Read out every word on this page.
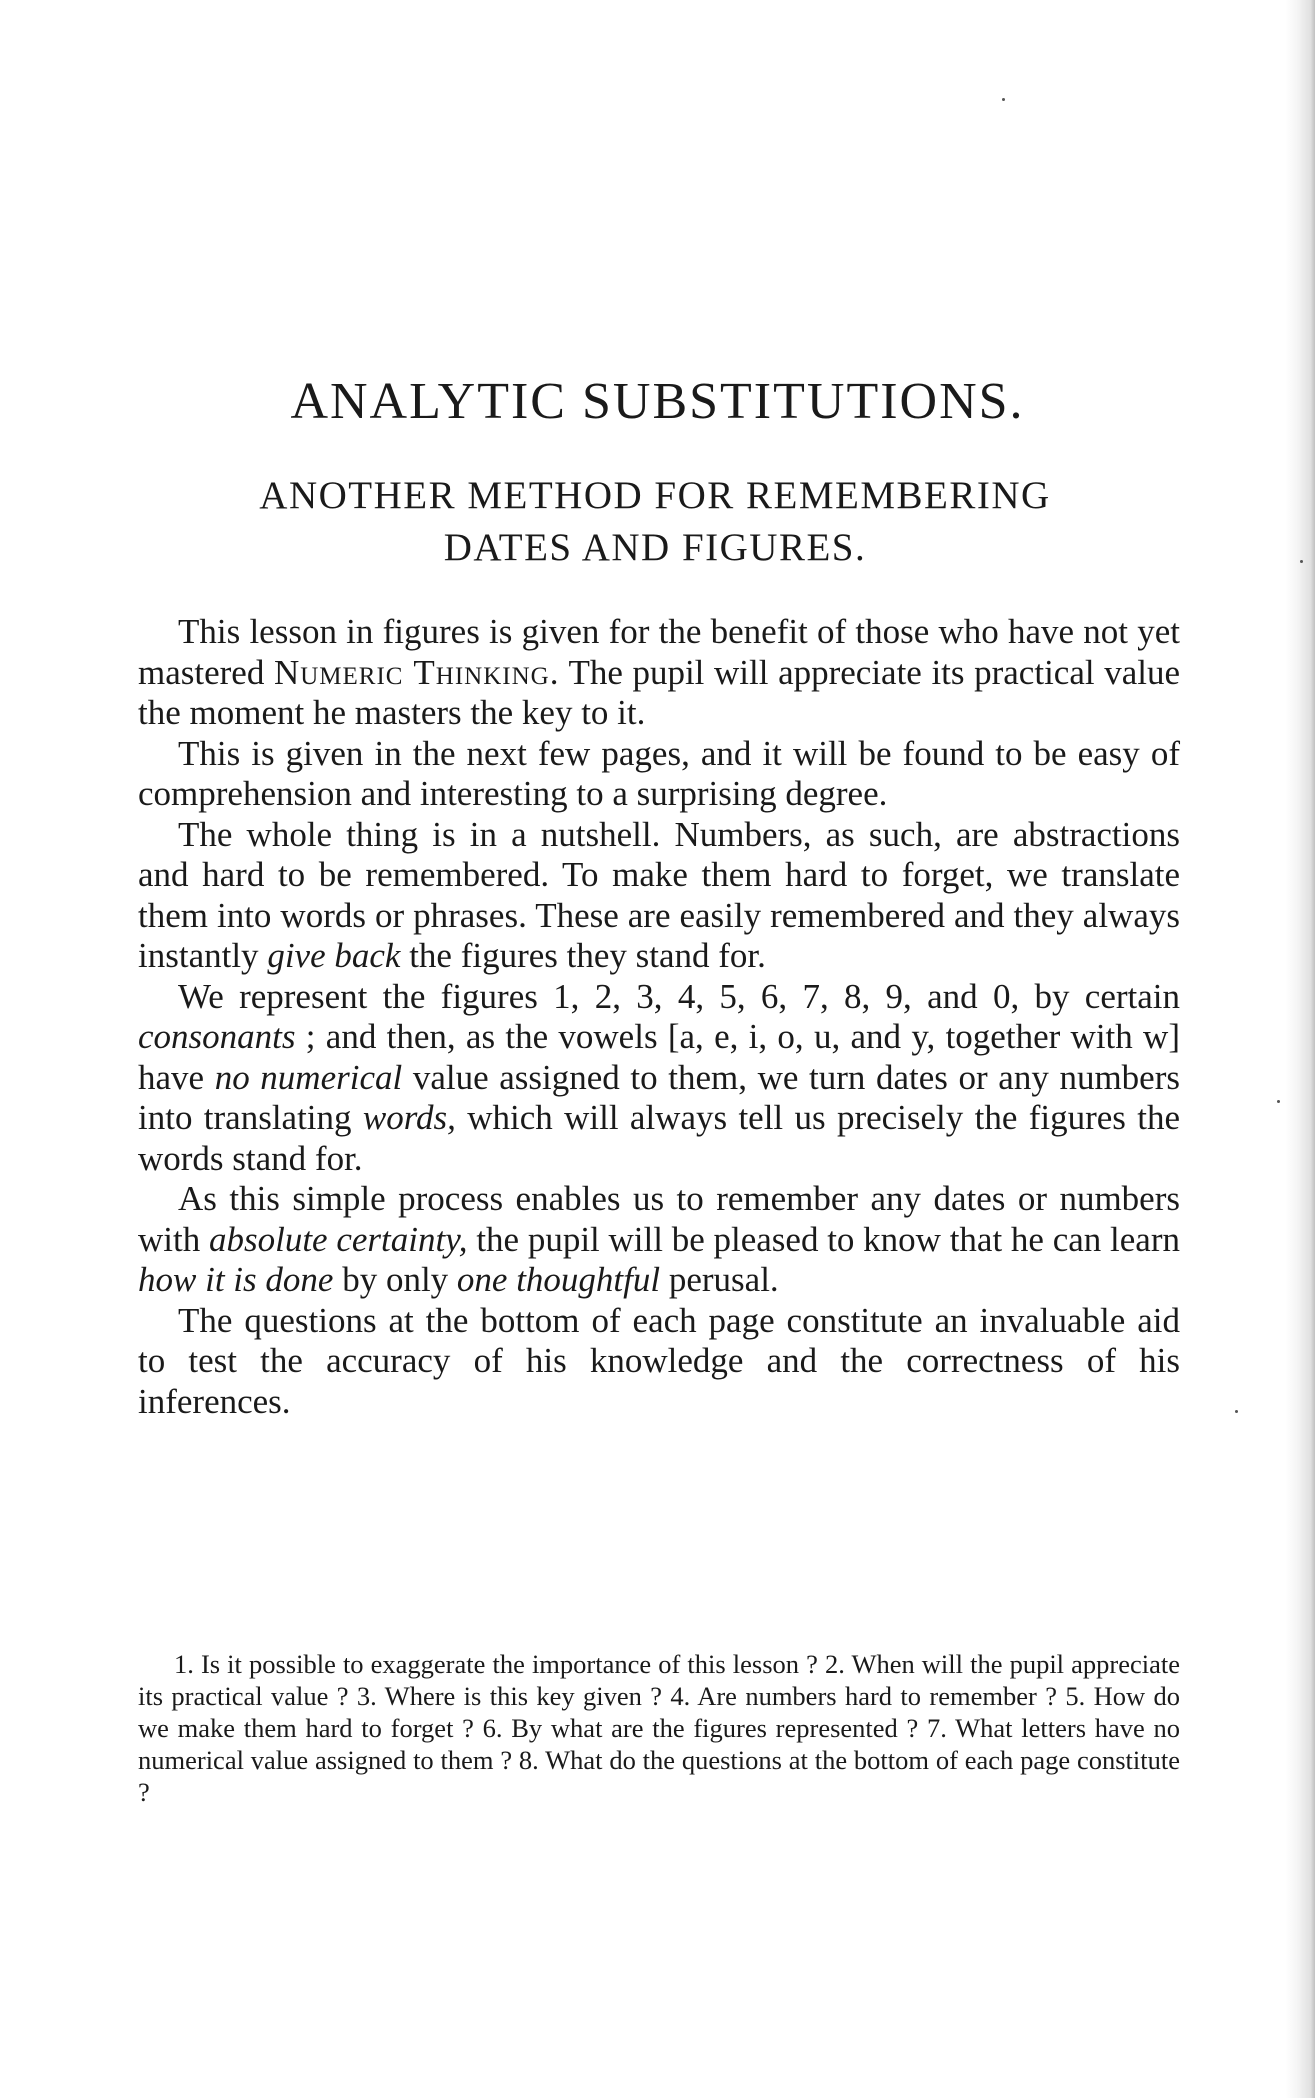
ANALYTIC SUBSTITUTIONS.
ANOTHER METHOD FOR REMEMBERING
DATES AND FIGURES.

This lesson in figures is given for the benefit of those who have not yet mastered Numeric Thinking. The pupil will appreciate its practical value the moment he masters the key to it.

This is given in the next few pages, and it will be found to be easy of comprehension and interesting to a surprising degree.

The whole thing is in a nutshell. Numbers, as such, are abstractions and hard to be remembered. To make them hard to forget, we translate them into words or phrases. These are easily remembered and they always instantly give back the figures they stand for.

We represent the figures 1, 2, 3, 4, 5, 6, 7, 8, 9, and 0, by certain consonants ; and then, as the vowels [a, e, i, o, u, and y, together with w] have no numerical value assigned to them, we turn dates or any numbers into translating words, which will always tell us precisely the figures the words stand for.

As this simple process enables us to remember any dates or numbers with absolute certainty, the pupil will be pleased to know that he can learn how it is done by only one thoughtful perusal.

The questions at the bottom of each page constitute an invaluable aid to test the accuracy of his knowledge and the correctness of his inferences.

1. Is it possible to exaggerate the importance of this lesson ? 2. When will the pupil appreciate its practical value ? 3. Where is this key given ? 4. Are numbers hard to remember ? 5. How do we make them hard to forget ? 6. By what are the figures represented ? 7. What letters have no numerical value assigned to them ? 8. What do the questions at the bottom of each page constitute ?
